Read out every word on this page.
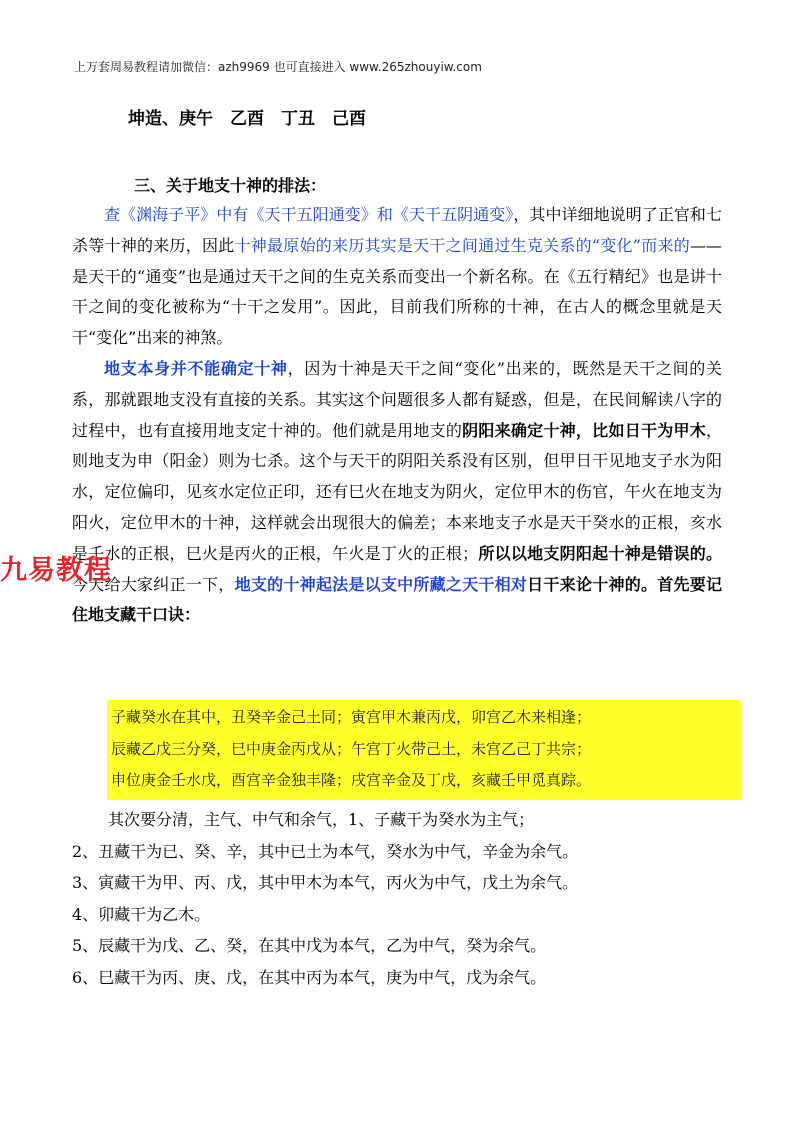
上万套周易教程请加微信：azh9969 也可直接进入 www.265zhouyiw.com
坤造、庚午　乙酉　丁丑　己酉
三、关于地支十神的排法：

查《渊海子平》中有《天干五阳通变》和《天干五阴通变》，其中详细地说明了正官和七杀等十神的来历，因此十神最原始的来历其实是天干之间通过生克关系的“变化”而来的——是天干的“通变”也是通过天干之间的生克关系而变出一个新名称。在《五行精纪》也是讲十干之间的变化被称为“十干之发用”。因此，目前我们所称的十神，在古人的概念里就是天干“变化”出来的神煞。

地支本身并不能确定十神，因为十神是天干之间“变化”出来的，既然是天干之间的关系，那就跟地支没有直接的关系。其实这个问题很多人都有疑惑，但是，在民间解读八字的过程中，也有直接用地支定十神的。他们就是用地支的阴阳来确定十神，比如日干为甲木，则地支为申（阳金）则为七杀。这个与天干的阴阳关系没有区别，但甲日干见地支子水为阳水，定位偏印，见亥水定位正印，还有巳火在地支为阴火，定位甲木的伤官，午火在地支为阳火，定位甲木的十神，这样就会出现很大的偏差；本来地支子水是天干癸水的正根，亥水是壬水的正根，巳火是丙火的正根，午火是丁火的正根；所以以地支阴阳起十神是错误的。今天给大家纠正一下，地支的十神起法是以支中所藏之天干相对日干来论十神的。首先要记住地支藏干口诀：

子藏癸水在其中，丑癸辛金己土同；寅宫甲木兼丙戊，卯宫乙木来相逢；
辰藏乙戊三分癸，巳中庚金丙戊从；午宫丁火带己土，未宫乙己丁共宗；
申位庚金壬水戊，酉宫辛金独丰隆；戌宫辛金及丁戊，亥藏壬甲觅真踪。
其次要分清，主气、中气和余气，1、子藏干为癸水为主气；
2、丑藏干为已、癸、辛，其中已土为本气，癸水为中气，辛金为余气。
3、寅藏干为甲、丙、戊，其中甲木为本气，丙火为中气，戊土为余气。
4、卯藏干为乙木。
5、辰藏干为戊、乙、癸，在其中戊为本气，乙为中气，癸为余气。
6、巳藏干为丙、庚、戊，在其中丙为本气，庚为中气，戊为余气。
九易教程
